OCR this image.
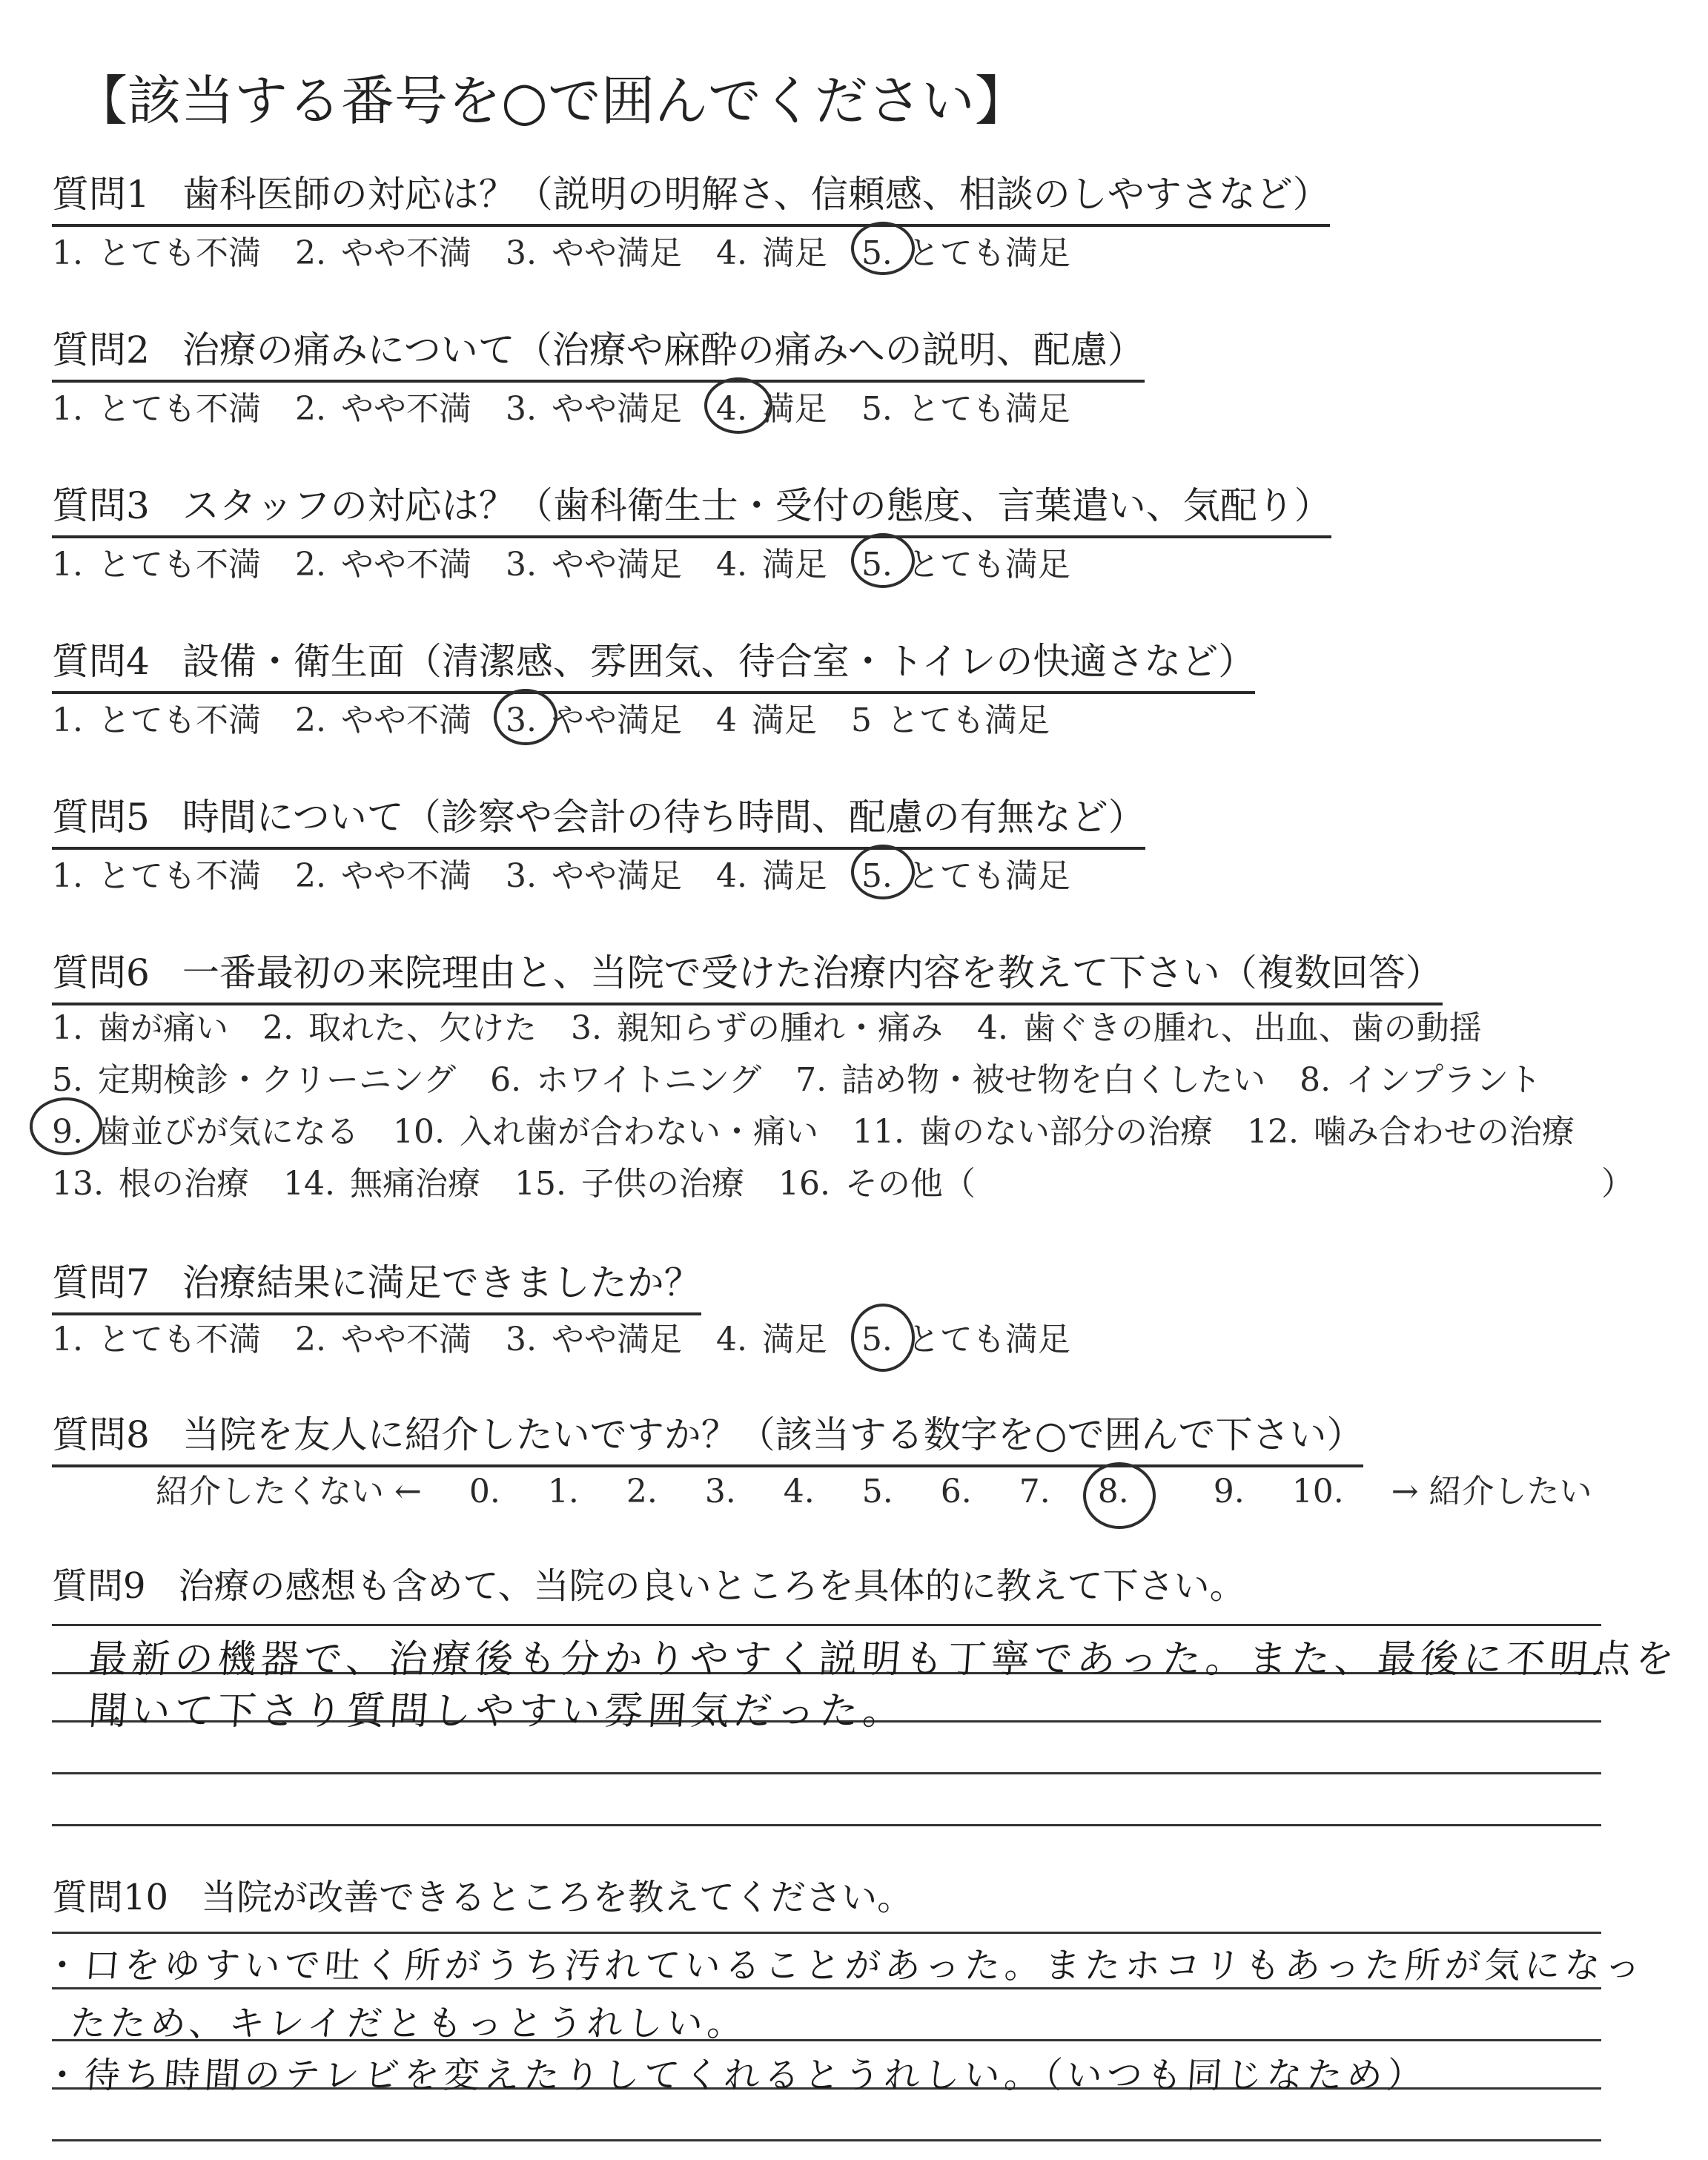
【該当する番号を○で囲んでください】
質問1 歯科医師の対応は？（説明の明解さ、信頼感、相談のしやすさなど）
1. とても不満 2. やや不満 3. やや満足 4. 満足 5. とても満足
質問2 治療の痛みについて（治療や麻酔の痛みへの説明、配慮）
1. とても不満 2. やや不満 3. やや満足 4. 満足 5. とても満足
質問3 スタッフの対応は？（歯科衛生士・受付の態度、言葉遣い、気配り）
1. とても不満 2. やや不満 3. やや満足 4. 満足 5. とても満足
質問4 設備・衛生面（清潔感、雰囲気、待合室・トイレの快適さなど）
1. とても不満 2. やや不満 3. やや満足 4 満足 5 とても満足
質問5 時間について（診察や会計の待ち時間、配慮の有無など）
1. とても不満 2. やや不満 3. やや満足 4. 満足 5. とても満足
質問6 一番最初の来院理由と、当院で受けた治療内容を教えて下さい（複数回答）
1. 歯が痛い 2. 取れた、欠けた 3. 親知らずの腫れ・痛み 4. 歯ぐきの腫れ、出血、歯の動揺
5. 定期検診・クリーニング 6. ホワイトニング 7. 詰め物・被せ物を白くしたい 8. インプラント
9. 歯並びが気になる 10. 入れ歯が合わない・痛い 11. 歯のない部分の治療 12. 噛み合わせの治療
13. 根の治療 14. 無痛治療 15. 子供の治療 16. その他（	）
質問7 治療結果に満足できましたか？
1. とても不満 2. やや不満 3. やや満足 4. 満足 5. とても満足
質問8 当院を友人に紹介したいですか？（該当する数字を○で囲んで下さい）
紹介したくない ← 0. 1. 2. 3. 4. 5. 6. 7. 8.	9. 10. → 紹介したい
質問9 治療の感想も含めて、当院の良いところを具体的に教えて下さい。
最新の機器で、治療後も分かりやすく説明も丁寧であった。また、最後に不明点を
聞いて下さり質問しやすい雰囲気だった。
質問10 当院が改善できるところを教えてください。
・口をゆすいで吐く所がうち汚れていることがあった。またホコリもあった所が気になっ
たため、キレイだともっとうれしい。
・待ち時間のテレビを変えたりしてくれるとうれしい。（いつも同じなため）
